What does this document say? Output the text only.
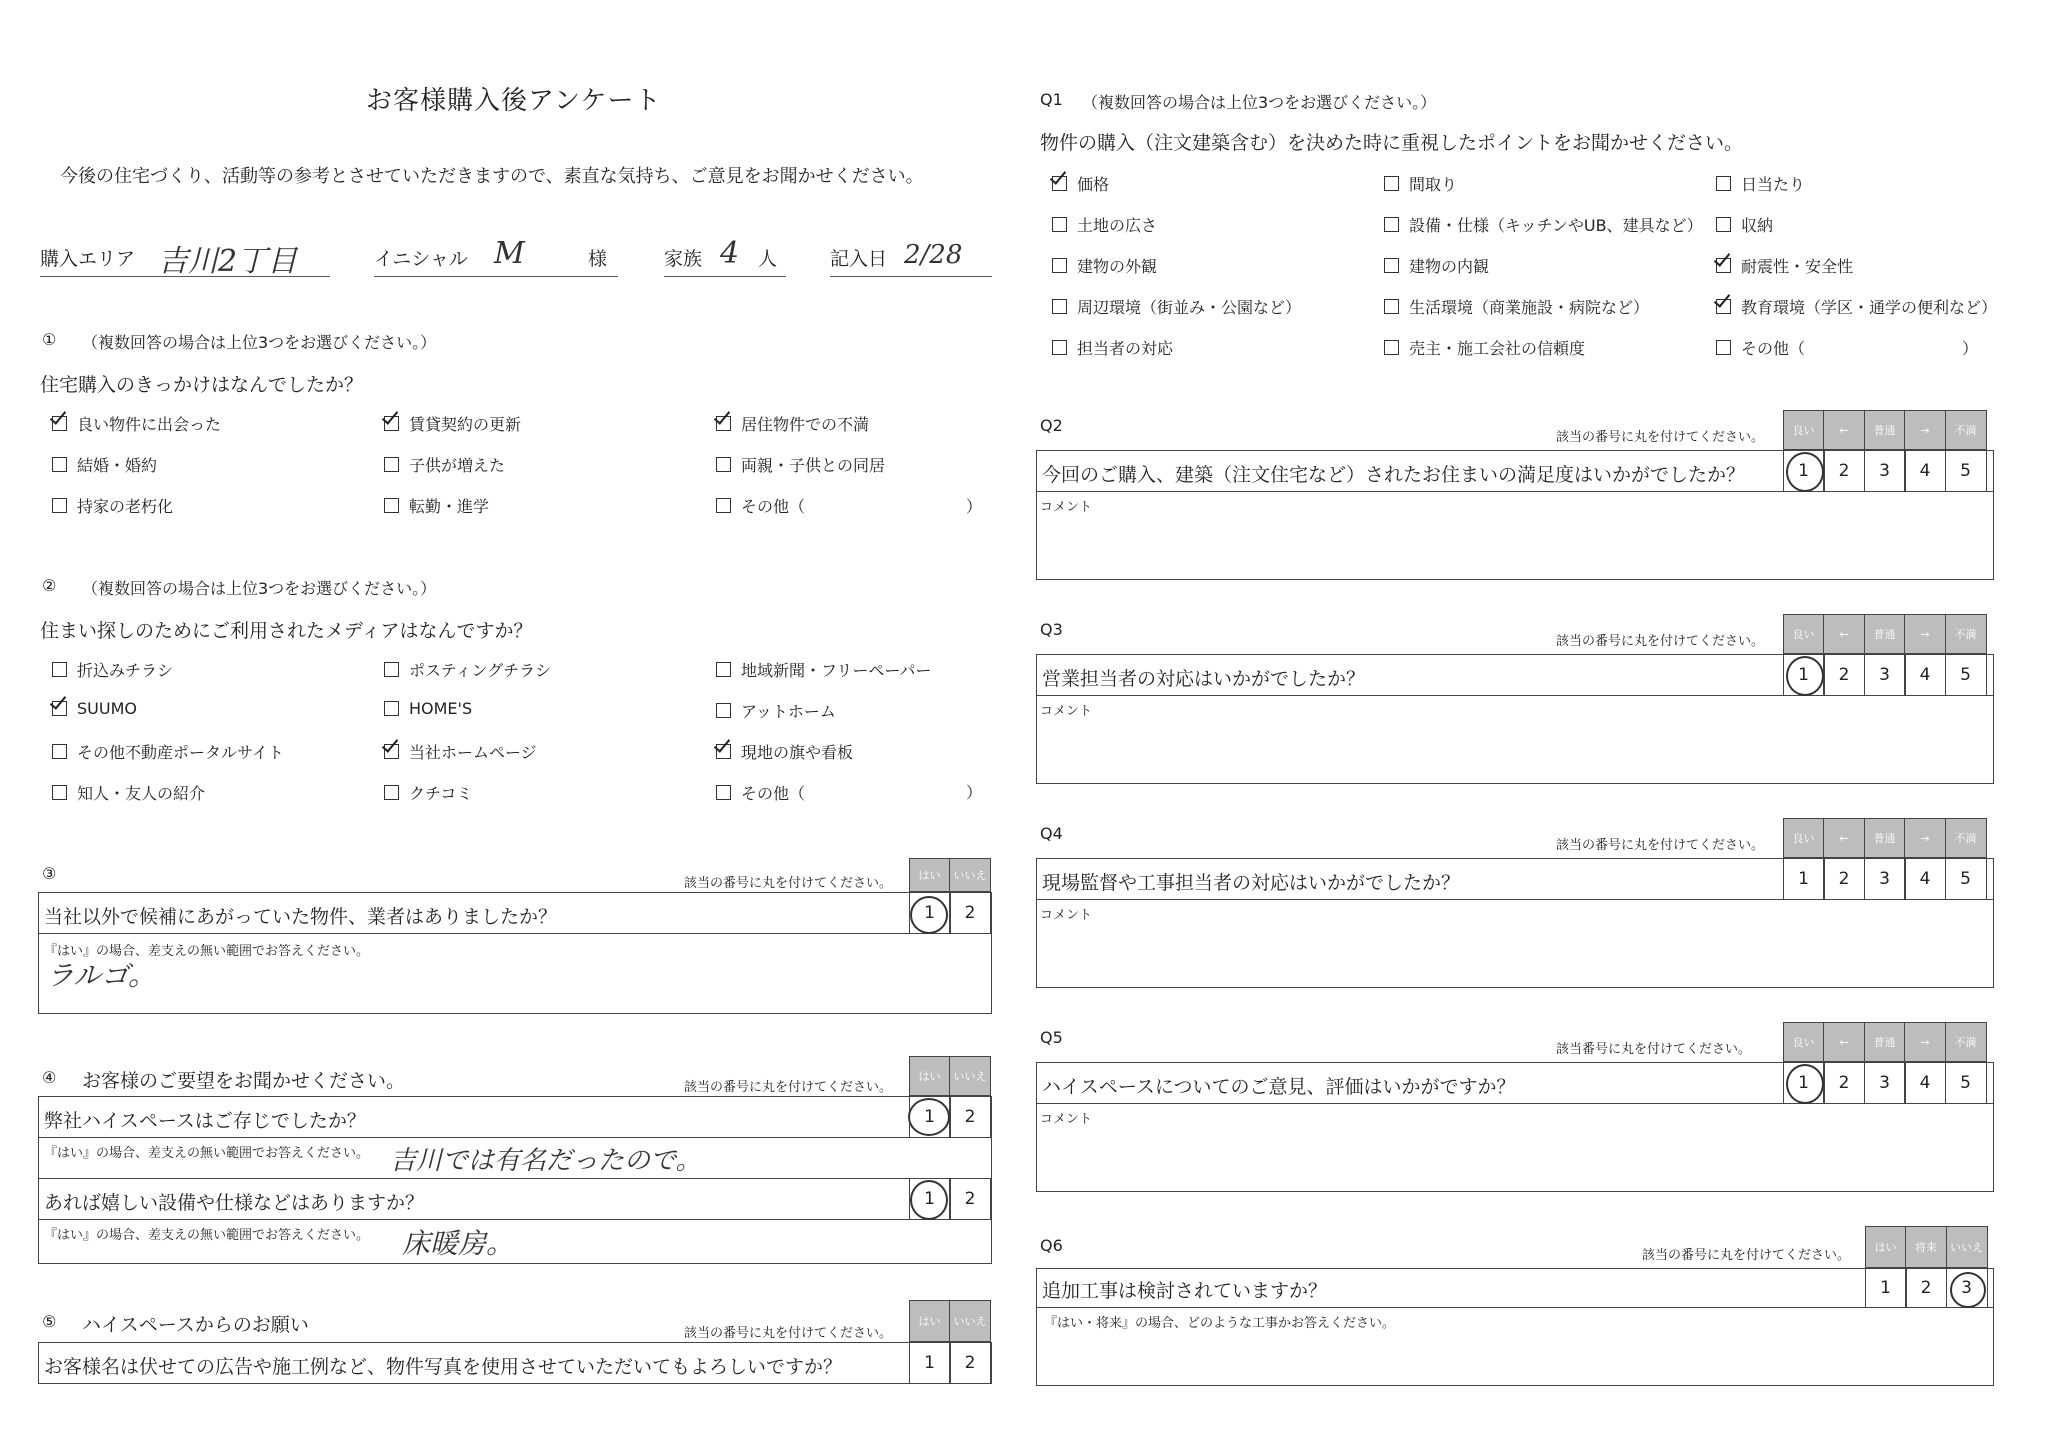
お客様購入後アンケート
今後の住宅づくり、活動等の参考とさせていただきますので、素直な気持ち、ご意見をお聞かせください。
購入エリア 吉川2丁目	イニシャル M	様	家族 4 人	記入日 2/28
① （複数回答の場合は上位3つをお選びください。）
住宅購入のきっかけはなんでしたか？
良い物件に出会った	賃貸契約の更新	居住物件での不満
結婚・婚約	子供が増えた	両親・子供との同居
持家の老朽化	転勤・進学	その他（	）
② （複数回答の場合は上位3つをお選びください。）
住まい探しのためにご利用されたメディアはなんですか？
折込みチラシ	ポスティングチラシ	地域新聞・フリーペーパー
SUUMO	HOME'S	アットホーム
その他不動産ポータルサイト	当社ホームページ	現地の旗や看板
知人・友人の紹介	クチコミ	その他（	）
③
該当の番号に丸を付けてください。
はい	いいえ
当社以外で候補にあがっていた物件、業者はありましたか？	1	2
『はい』の場合、差支えの無い範囲でお答えください。
ラルゴ。
④ お客様のご要望をお聞かせください。	該当の番号に丸を付けてください。
はい	いいえ
弊社ハイスペースはご存じでしたか？	1	2
『はい』の場合、差支えの無い範囲でお答えください。 吉川では有名だったので。
あれば嬉しい設備や仕様などはありますか？	1	2
『はい』の場合、差支えの無い範囲でお答えください。 床暖房。
⑤ ハイスペースからのお願い	該当の番号に丸を付けてください。
はい	いいえ
お客様名は伏せての広告や施工例など、物件写真を使用させていただいてもよろしいですか？	1	2
Q1 （複数回答の場合は上位3つをお選びください。）
物件の購入（注文建築含む）を決めた時に重視したポイントをお聞かせください。
価格	間取り	日当たり
土地の広さ	設備・仕様（キッチンやUB、建具など） 収納
建物の外観	建物の内観	耐震性・安全性
周辺環境（街並み・公園など）	生活環境（商業施設・病院など）	教育環境（学区・通学の便利など）
担当者の対応	売主・施工会社の信頼度	その他（	）
Q2
該当の番号に丸を付けてください。	良い	←	普通	→	不満
今回のご購入、建築（注文住宅など）されたお住まいの満足度はいかがでしたか？	1	2	3	4	5
コメント
Q3
該当の番号に丸を付けてください。	良い	←	普通	→	不満
営業担当者の対応はいかがでしたか？	1	2	3	4	5
コメント
Q4
該当の番号に丸を付けてください。	良い	←	普通	→	不満
現場監督や工事担当者の対応はいかがでしたか？	1	2	3	4	5
コメント
Q5
該当番号に丸を付けてください。	良い	←	普通	→	不満
ハイスペースについてのご意見、評価はいかがですか？	1	2	3	4	5
コメント
Q6
該当の番号に丸を付けてください。
はい	将来	いいえ
追加工事は検討されていますか？	1	2	3
『はい・将来』の場合、どのような工事かお答えください。
